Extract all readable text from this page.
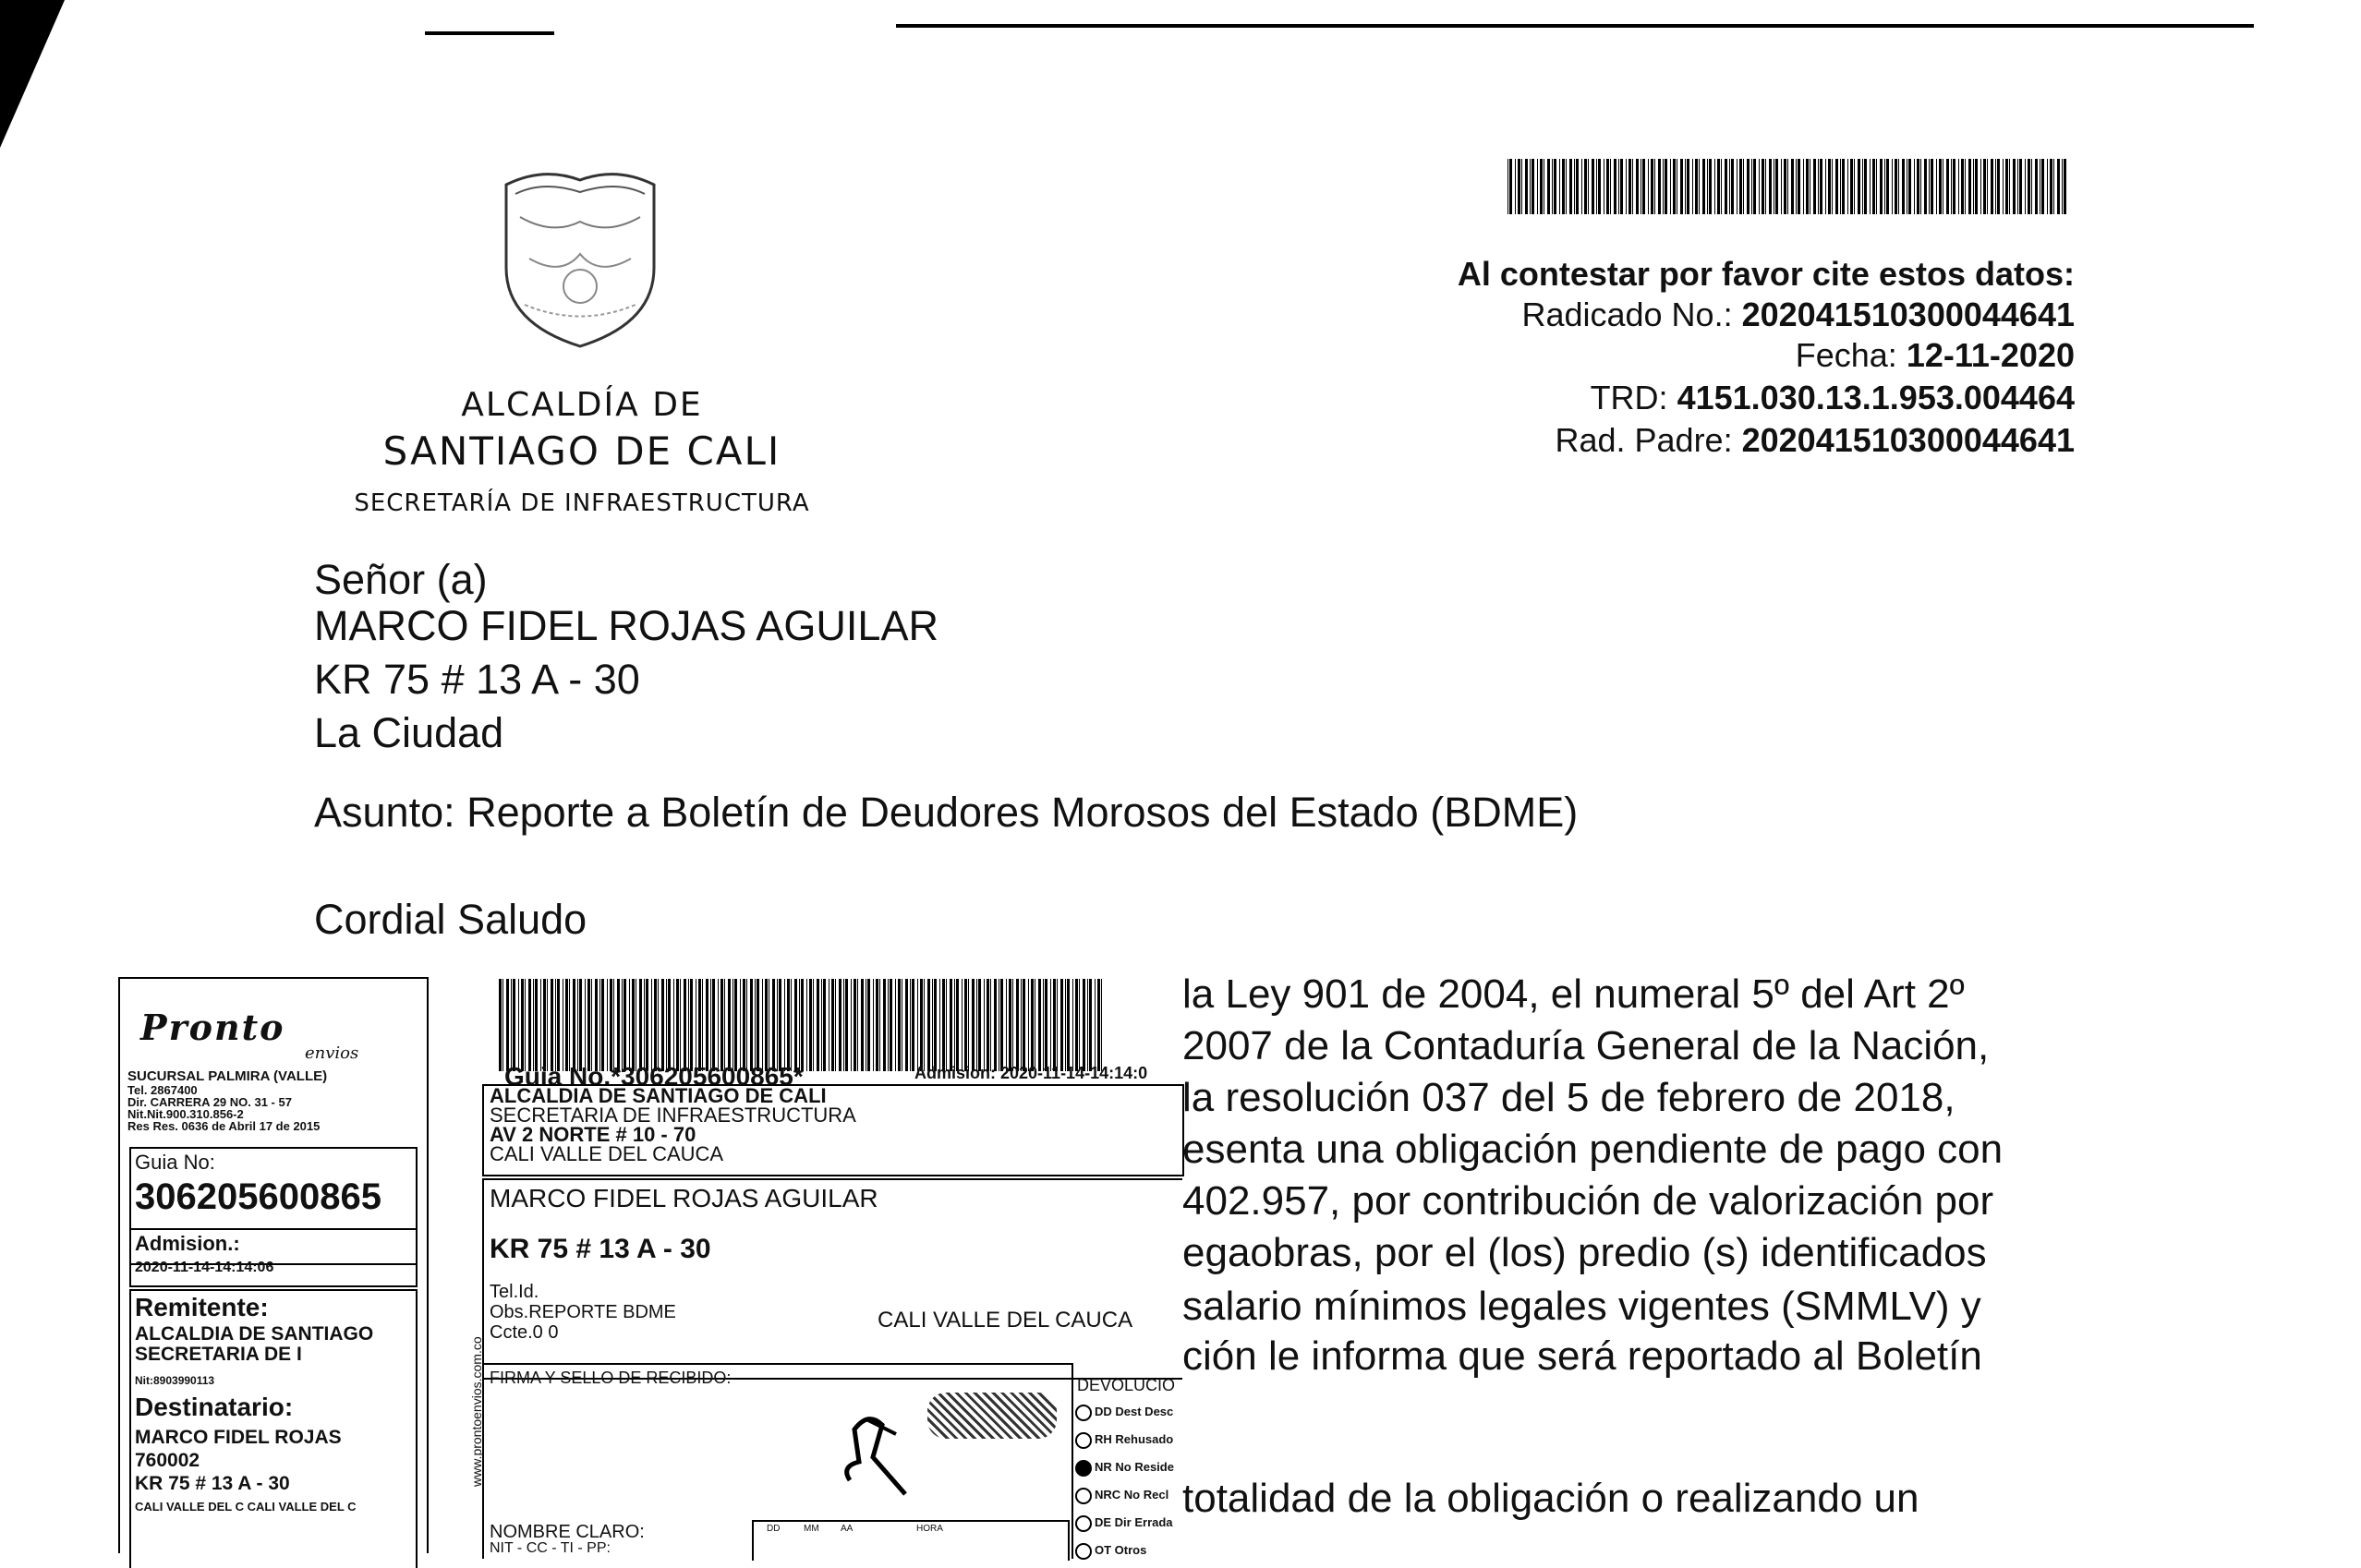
ALCALDÍA DE
SANTIAGO DE CALI
SECRETARÍA DE INFRAESTRUCTURA
Al contestar por favor cite estos datos:
Radicado No.: 202041510300044641
Fecha: 12-11-2020
TRD: 4151.030.13.1.953.004464
Rad. Padre: 202041510300044641
Señor (a)
MARCO FIDEL ROJAS AGUILAR
KR 75 # 13 A - 30
La Ciudad
Asunto: Reporte a Boletín de Deudores Morosos del Estado (BDME)
Cordial Saludo
la Ley 901 de 2004, el numeral 5º del Art 2º
2007 de la Contaduría General de la Nación,
la resolución 037 del 5 de febrero de 2018,
esenta una obligación pendiente de pago con
402.957, por contribución de valorización por
egaobras, por el (los) predio (s) identificados
salario mínimos legales vigentes (SMMLV) y
ción le informa que será reportado al Boletín
totalidad de la obligación o realizando un
Pronto
envios
SUCURSAL PALMIRA (VALLE)
Tel. 2867400
Dir. CARRERA 29 NO. 31 - 57
Nit.Nit.900.310.856-2
Res Res. 0636 de Abril 17 de 2015
Guia No:
306205600865
Admision.:
2020-11-14-14:14:06
Remitente:
ALCALDIA DE SANTIAGO
SECRETARIA DE I
Nit:8903990113
Destinatario:
MARCO FIDEL ROJAS
760002
KR 75 # 13 A - 30
CALI VALLE DEL C CALI VALLE DEL C
Guia No.*306205600865*	Admision: 2020-11-14-14:14:0
ALCALDIA DE SANTIAGO DE CALI
SECRETARIA DE INFRAESTRUCTURA
AV 2 NORTE # 10 - 70
CALI VALLE DEL CAUCA
MARCO FIDEL ROJAS AGUILAR
KR 75 # 13 A - 30
Tel.Id.
Obs.REPORTE BDME
Ccte.0 0	CALI VALLE DEL CAUCA
FIRMA Y SELLO DE RECIBIDO:
NOMBRE CLARO:
NIT - CC - TI - PP:
DD	MM AA	HORA
DEVOLUCIO
DD Dest Desc
RH Rehusado
NR No Reside
NRC No Recl
DE Dir Errada
OT Otros
www.prontoenvios.com.co
